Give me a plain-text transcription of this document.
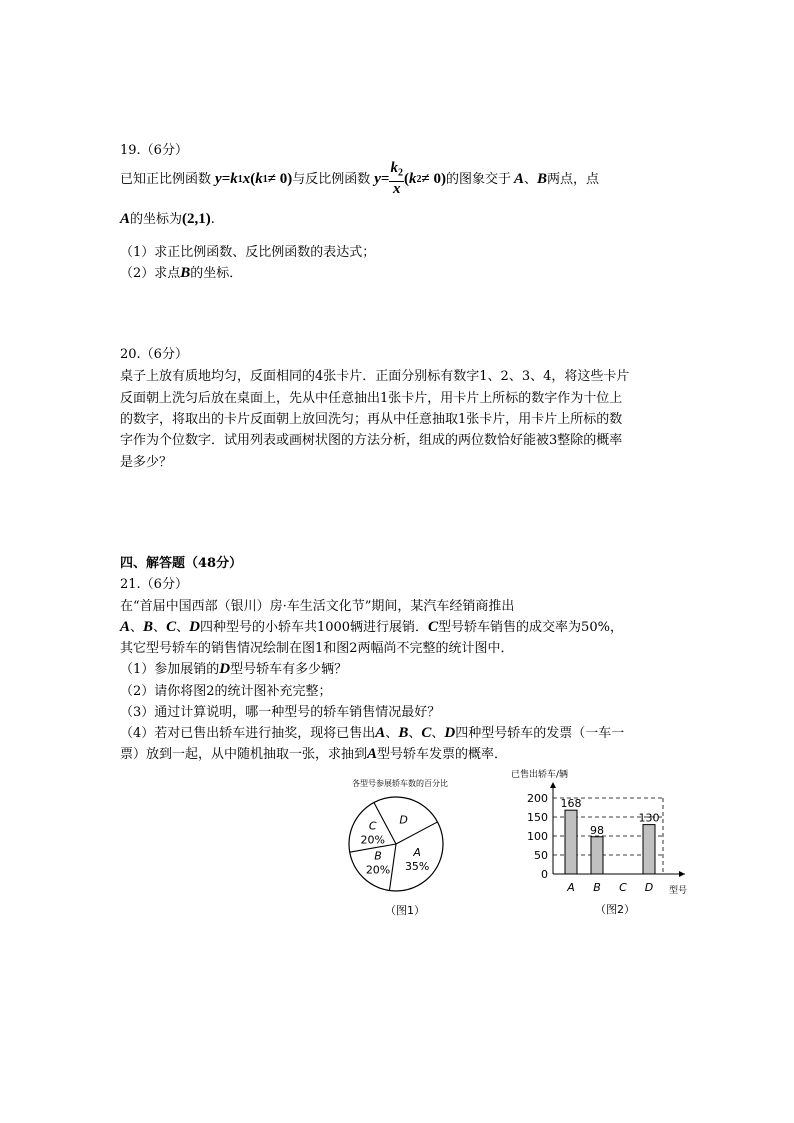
19.（6分）
已知正比例函数 y = k 1 x ( k 1 ≠ 0) 与反比例函数 $y = \frac{k_2}{x}$ ( k 2 ≠ 0) 的图象交于 A 、 B 两点，点
A的坐标为(2,1).
（1）求正比例函数、反比例函数的表达式；
（2）求点B的坐标．
20.（6分）
桌子上放有质地均匀，反面相同的4张卡片．正面分别标有数字1、2、3、4，将这些卡片
反面朝上洗匀后放在桌面上，先从中任意抽出1张卡片，用卡片上所标的数字作为十位上
的数字，将取出的卡片反面朝上放回洗匀；再从中任意抽取1张卡片，用卡片上所标的数
字作为个位数字．试用列表或画树状图的方法分析，组成的两位数恰好能被3整除的概率
是多少？
四、解答题（48分）
21.（6分）
在“首届中国西部（银川）房·车生活文化节”期间，某汽车经销商推出
A、B、C、D四种型号的小轿车共1000辆进行展销．C型号轿车销售的成交率为50%，
其它型号轿车的销售情况绘制在图1和图2两幅尚不完整的统计图中．
（1）参加展销的D型号轿车有多少辆？
（2）请你将图2的统计图补充完整；
（3）通过计算说明，哪一种型号的轿车销售情况最好？
（4）若对已售出轿车进行抽奖，现将已售出A、B、C、D四种型号轿车的发票（一车一
票）放到一起，从中随机抽取一张，求抽到A型号轿车发票的概率．
各型号参展轿车数的百分比
A
35%
B
20%
C
20%
D
（图1）
已售出轿车/辆
型号
0
50
100
150
200 168
A
98
B C
130
D
（图2）
